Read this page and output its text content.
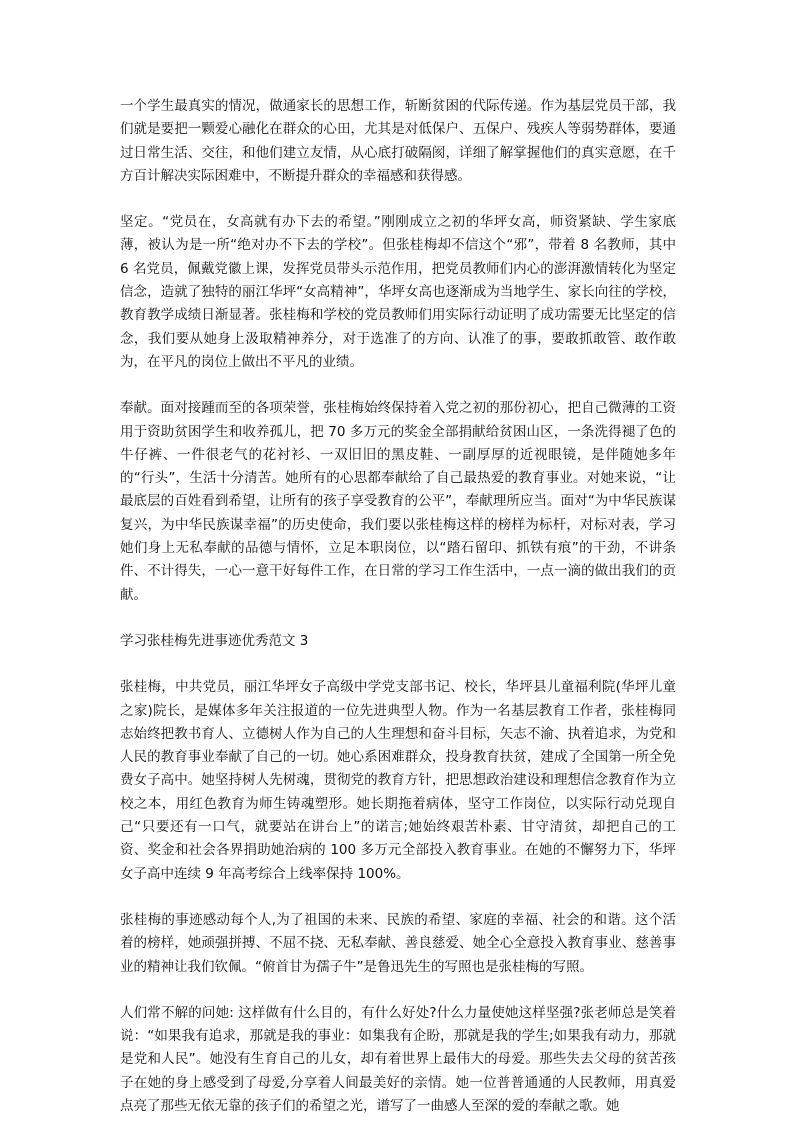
一个学生最真实的情况，做通家长的思想工作，斩断贫困的代际传递。作为基层党员干部，我们就是要把一颗爱心融化在群众的心田，尤其是对低保户、五保户、残疾人等弱势群体，要通过日常生活、交往，和他们建立友情，从心底打破隔阂，详细了解掌握他们的真实意愿，在千方百计解决实际困难中，不断提升群众的幸福感和获得感。

坚定。“党员在，女高就有办下去的希望。”刚刚成立之初的华坪女高，师资紧缺、学生家底薄，被认为是一所“绝对办不下去的学校”。但张桂梅却不信这个“邪”，带着 8 名教师，其中 6 名党员，佩戴党徽上课，发挥党员带头示范作用，把党员教师们内心的澎湃激情转化为坚定信念，造就了独特的丽江华坪“女高精神”，华坪女高也逐渐成为当地学生、家长向往的学校，教育教学成绩日渐显著。张桂梅和学校的党员教师们用实际行动证明了成功需要无比坚定的信念，我们要从她身上汲取精神养分，对于选准了的方向、认准了的事，要敢抓敢管、敢作敢为，在平凡的岗位上做出不平凡的业绩。

奉献。面对接踵而至的各项荣誉，张桂梅始终保持着入党之初的那份初心，把自己微薄的工资用于资助贫困学生和收养孤儿，把 70 多万元的奖金全部捐献给贫困山区，一条洗得褪了色的牛仔裤、一件很老气的花衬衫、一双旧旧的黑皮鞋、一副厚厚的近视眼镜，是伴随她多年的“行头”，生活十分清苦。她所有的心思都奉献给了自己最热爱的教育事业。对她来说，“让最底层的百姓看到希望，让所有的孩子享受教育的公平”，奉献理所应当。面对“为中华民族谋复兴，为中华民族谋幸福”的历史使命，我们要以张桂梅这样的榜样为标杆，对标对表，学习她们身上无私奉献的品德与情怀，立足本职岗位，以“踏石留印、抓铁有痕”的干劲，不讲条件、不计得失，一心一意干好每件工作，在日常的学习工作生活中，一点一滴的做出我们的贡献。

学习张桂梅先进事迹优秀范文 3

张桂梅，中共党员，丽江华坪女子高级中学党支部书记、校长，华坪县儿童福利院(华坪儿童之家)院长，是媒体多年关注报道的一位先进典型人物。作为一名基层教育工作者，张桂梅同志始终把教书育人、立德树人作为自己的人生理想和奋斗目标，矢志不渝、执着追求，为党和人民的教育事业奉献了自己的一切。她心系困难群众，投身教育扶贫，建成了全国第一所全免费女子高中。她坚持树人先树魂，贯彻党的教育方针，把思想政治建设和理想信念教育作为立校之本，用红色教育为师生铸魂塑形。她长期拖着病体，坚守工作岗位，以实际行动兑现自己“只要还有一口气，就要站在讲台上”的诺言;她始终艰苦朴素、甘守清贫，却把自己的工资、奖金和社会各界捐助她治病的 100 多万元全部投入教育事业。在她的不懈努力下，华坪女子高中连续 9 年高考综合上线率保持 100%。

张桂梅的事迹感动每个人,为了祖国的未来、民族的希望、家庭的幸福、社会的和谐。这个活着的榜样，她顽强拼搏、不屈不挠、无私奉献、善良慈爱、她全心全意投入教育事业、慈善事业的精神让我们钦佩。“俯首甘为孺子牛”是鲁迅先生的写照也是张桂梅的写照。

人们常不解的问她: 这样做有什么目的，有什么好处?什么力量使她这样坚强?张老师总是笑着说：“如果我有追求，那就是我的事业：如集我有企盼，那就是我的学生;如果我有动力，那就是党和人民”。她没有生育自己的儿女，却有着世界上最伟大的母爱。那些失去父母的贫苦孩子在她的身上感受到了母爱,分享着人间最美好的亲情。她一位普普通通的人民教师，用真爱点亮了那些无依无靠的孩子们的希望之光，谱写了一曲感人至深的爱的奉献之歌。她
